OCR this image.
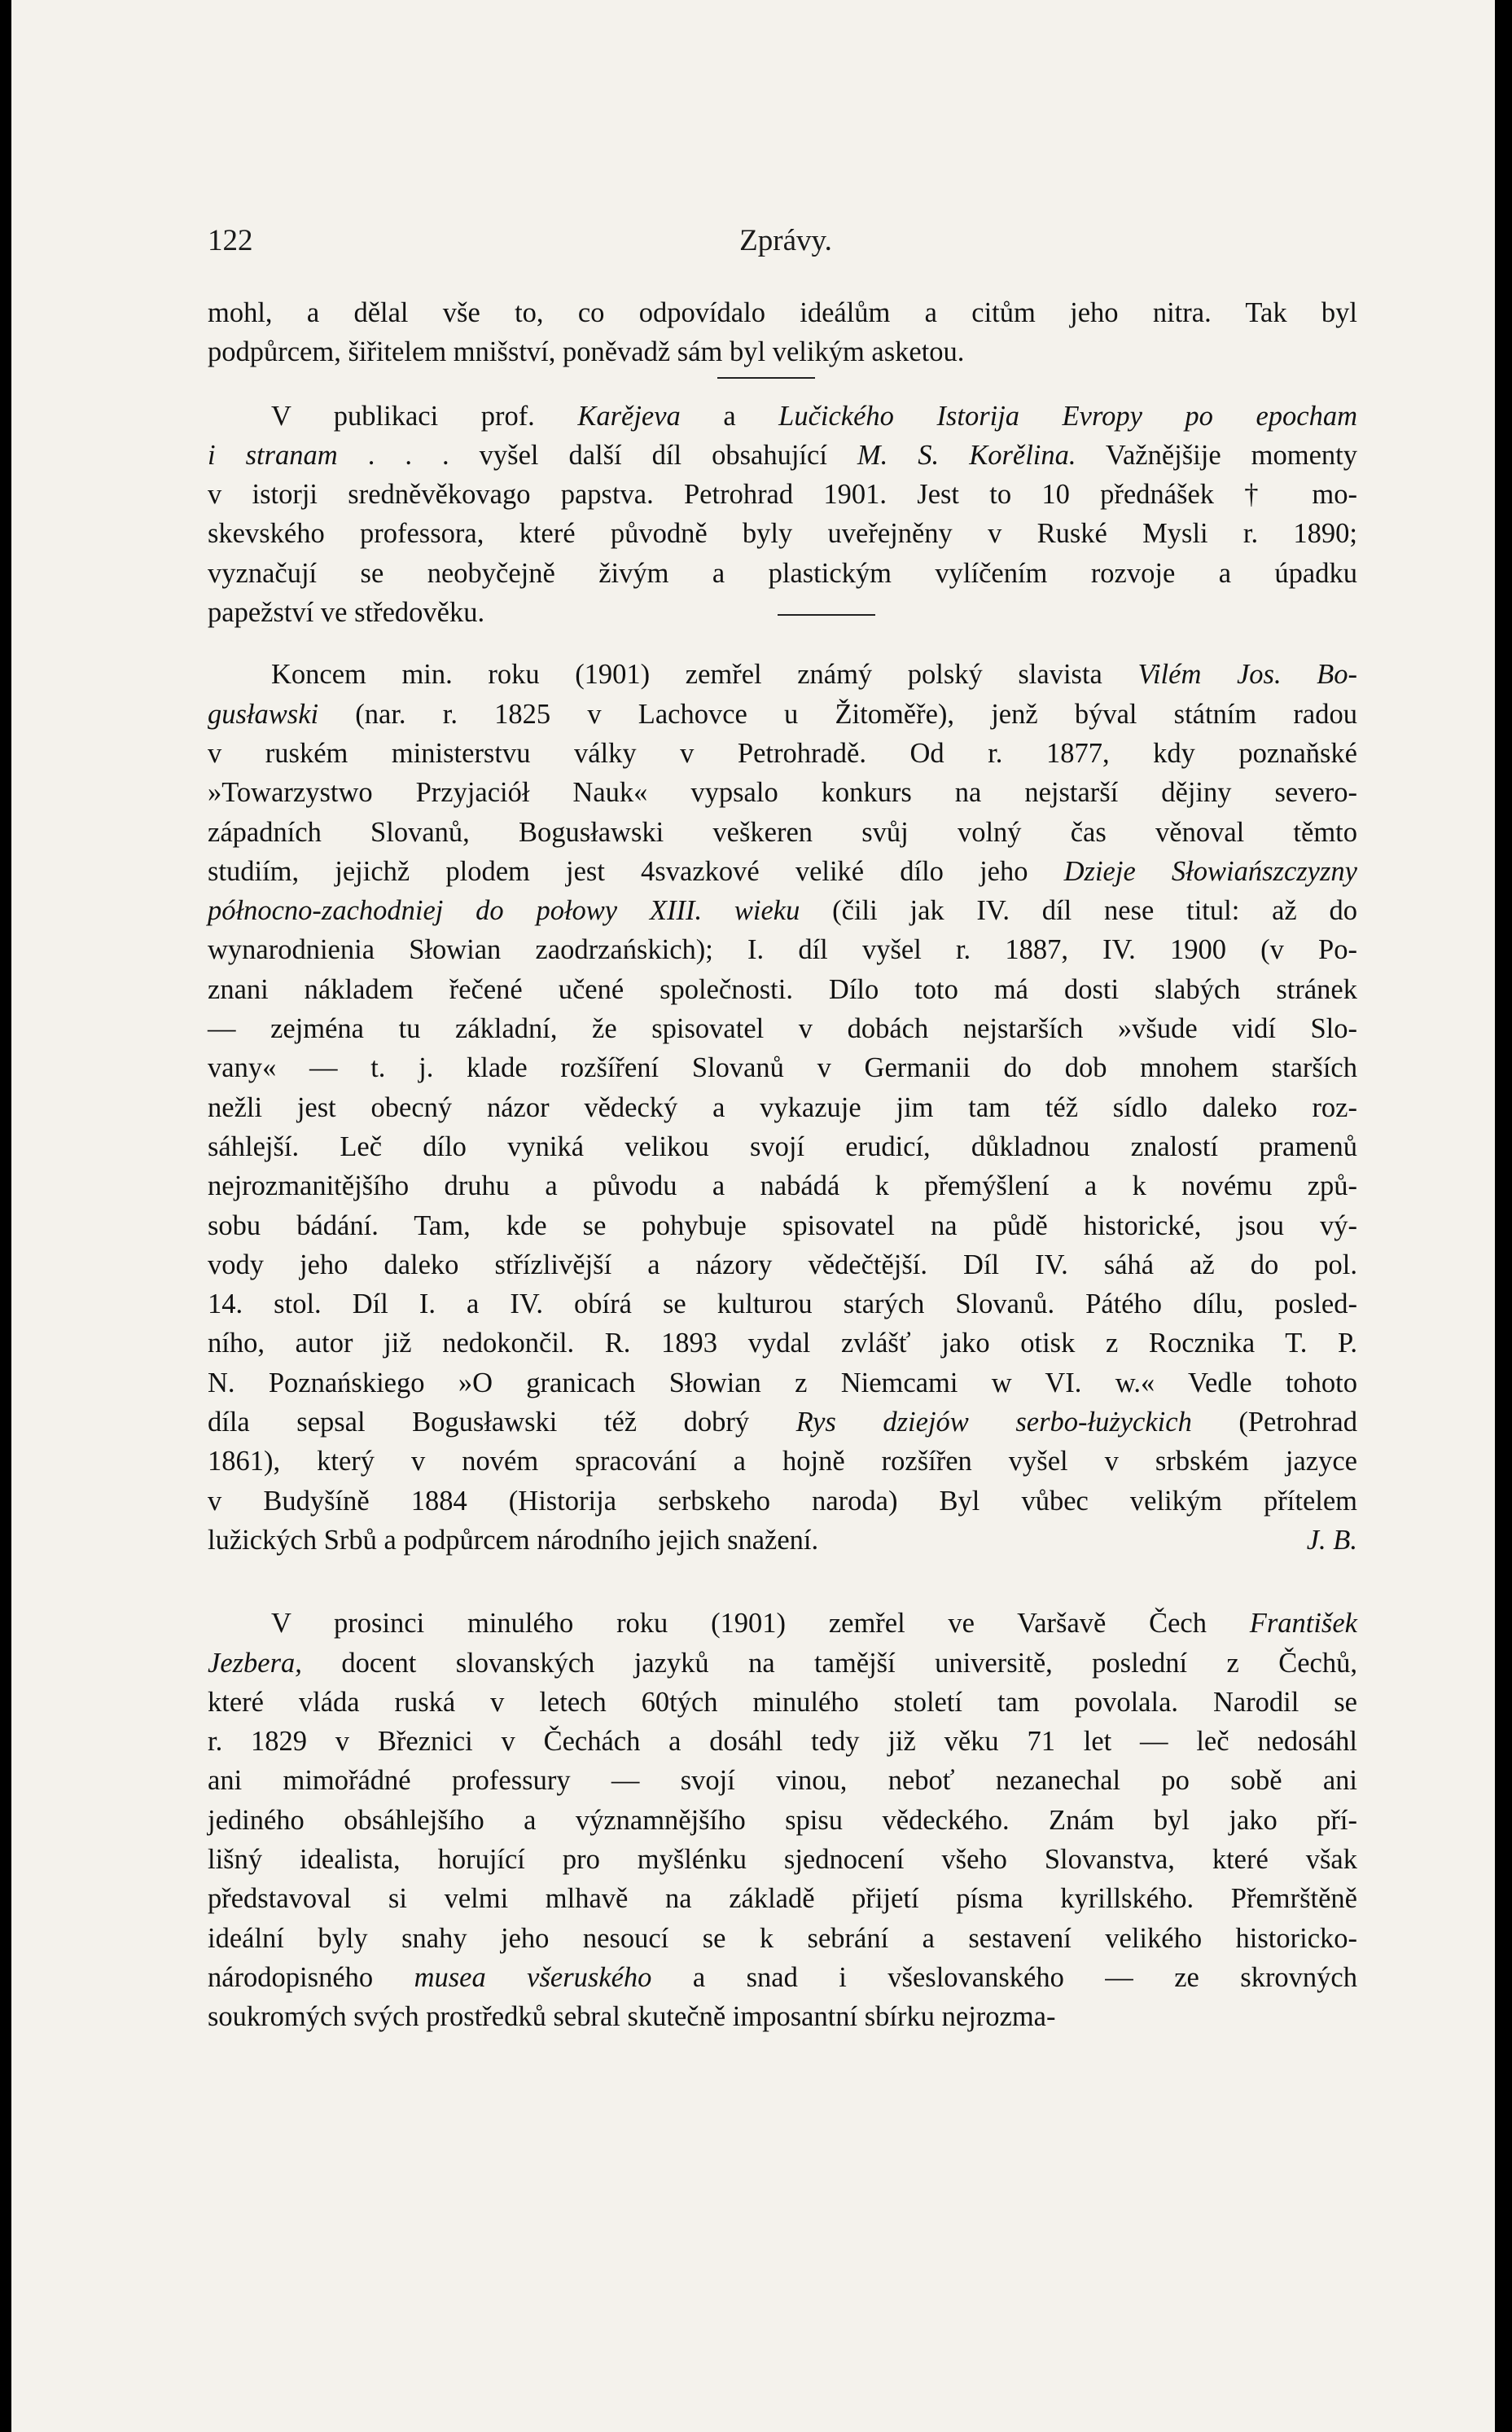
Zprávy.
122
mohl, a dělal vše to, co odpovídalo ideálům a citům jeho nitra. Tak byl
podpůrcem, šiřitelem mnišství, poněvadž sám byl velikým asketou.
V publikaci prof. Karějeva a Lučického Istorija Evropy po epocham
i stranam . . . vyšel další díl obsahující M. S. Korělina. Važnějšije momenty
v istorji sredněvěkovago papstva. Petrohrad 1901. Jest to 10 přednášek † mo-
skevského professora, které původně byly uveřejněny v Ruské Mysli r. 1890;
vyznačují se neobyčejně živým a plastickým vylíčením rozvoje a úpadku
papežství ve středověku.
Koncem min. roku (1901) zemřel známý polský slavista Vilém Jos. Bo-
gusławski (nar. r. 1825 v Lachovce u Žitoměře), jenž býval státním radou
v ruském ministerstvu války v Petrohradě. Od r. 1877, kdy poznaňské
»Towarzystwo Przyjaciół Nauk« vypsalo konkurs na nejstarší dějiny severo-
západních Slovanů, Bogusławski veškeren svůj volný čas věnoval těmto
studiím, jejichž plodem jest 4svazkové veliké dílo jeho Dzieje Słowiańszczyzny
północno-zachodniej do połowy XIII. wieku (čili jak IV. díl nese titul: až do
wynarodnienia Słowian zaodrzańskich); I. díl vyšel r. 1887, IV. 1900 (v Po-
znani nákladem řečené učené společnosti. Dílo toto má dosti slabých stránek
— zejména tu základní, že spisovatel v dobách nejstarších »všude vidí Slo-
vany« — t. j. klade rozšíření Slovanů v Germanii do dob mnohem starších
nežli jest obecný názor vědecký a vykazuje jim tam též sídlo daleko roz-
sáhlejší. Leč dílo vyniká velikou svojí erudicí, důkladnou znalostí pramenů
nejrozmanitějšího druhu a původu a nabádá k přemýšlení a k novému způ-
sobu bádání. Tam, kde se pohybuje spisovatel na půdě historické, jsou vý-
vody jeho daleko střízlivější a názory vědečtější. Díl IV. sáhá až do pol.
14. stol. Díl I. a IV. obírá se kulturou starých Slovanů. Pátého dílu, posled-
ního, autor již nedokončil. R. 1893 vydal zvlášť jako otisk z Rocznika T. P.
N. Poznańskiego »O granicach Słowian z Niemcami w VI. w.« Vedle tohoto
díla sepsal Bogusławski též dobrý Rys dziejów serbo-łużyckich (Petrohrad
1861), který v novém spracování a hojně rozšířen vyšel v srbském jazyce
v Budyšíně 1884 (Historija serbskeho naroda) Byl vůbec velikým přítelem
lužických Srbů a podpůrcem národního jejich snažení.	J. B.
V prosinci minulého roku (1901) zemřel ve Varšavě Čech František
Jezbera, docent slovanských jazyků na tamější universitě, poslední z Čechů,
které vláda ruská v letech 60tých minulého století tam povolala. Narodil se
r. 1829 v Březnici v Čechách a dosáhl tedy již věku 71 let — leč nedosáhl
ani mimořádné professury — svojí vinou, neboť nezanechal po sobě ani
jediného obsáhlejšího a významnějšího spisu vědeckého. Znám byl jako pří-
lišný idealista, horující pro myšlénku sjednocení všeho Slovanstva, které však
představoval si velmi mlhavě na základě přijetí písma kyrillského. Přemrštěně
ideální byly snahy jeho nesoucí se k sebrání a sestavení velikého historicko-
národopisného musea všeruského a snad i všeslovanského — ze skrovných
soukromých svých prostředků sebral skutečně imposantní sbírku nejrozma-
